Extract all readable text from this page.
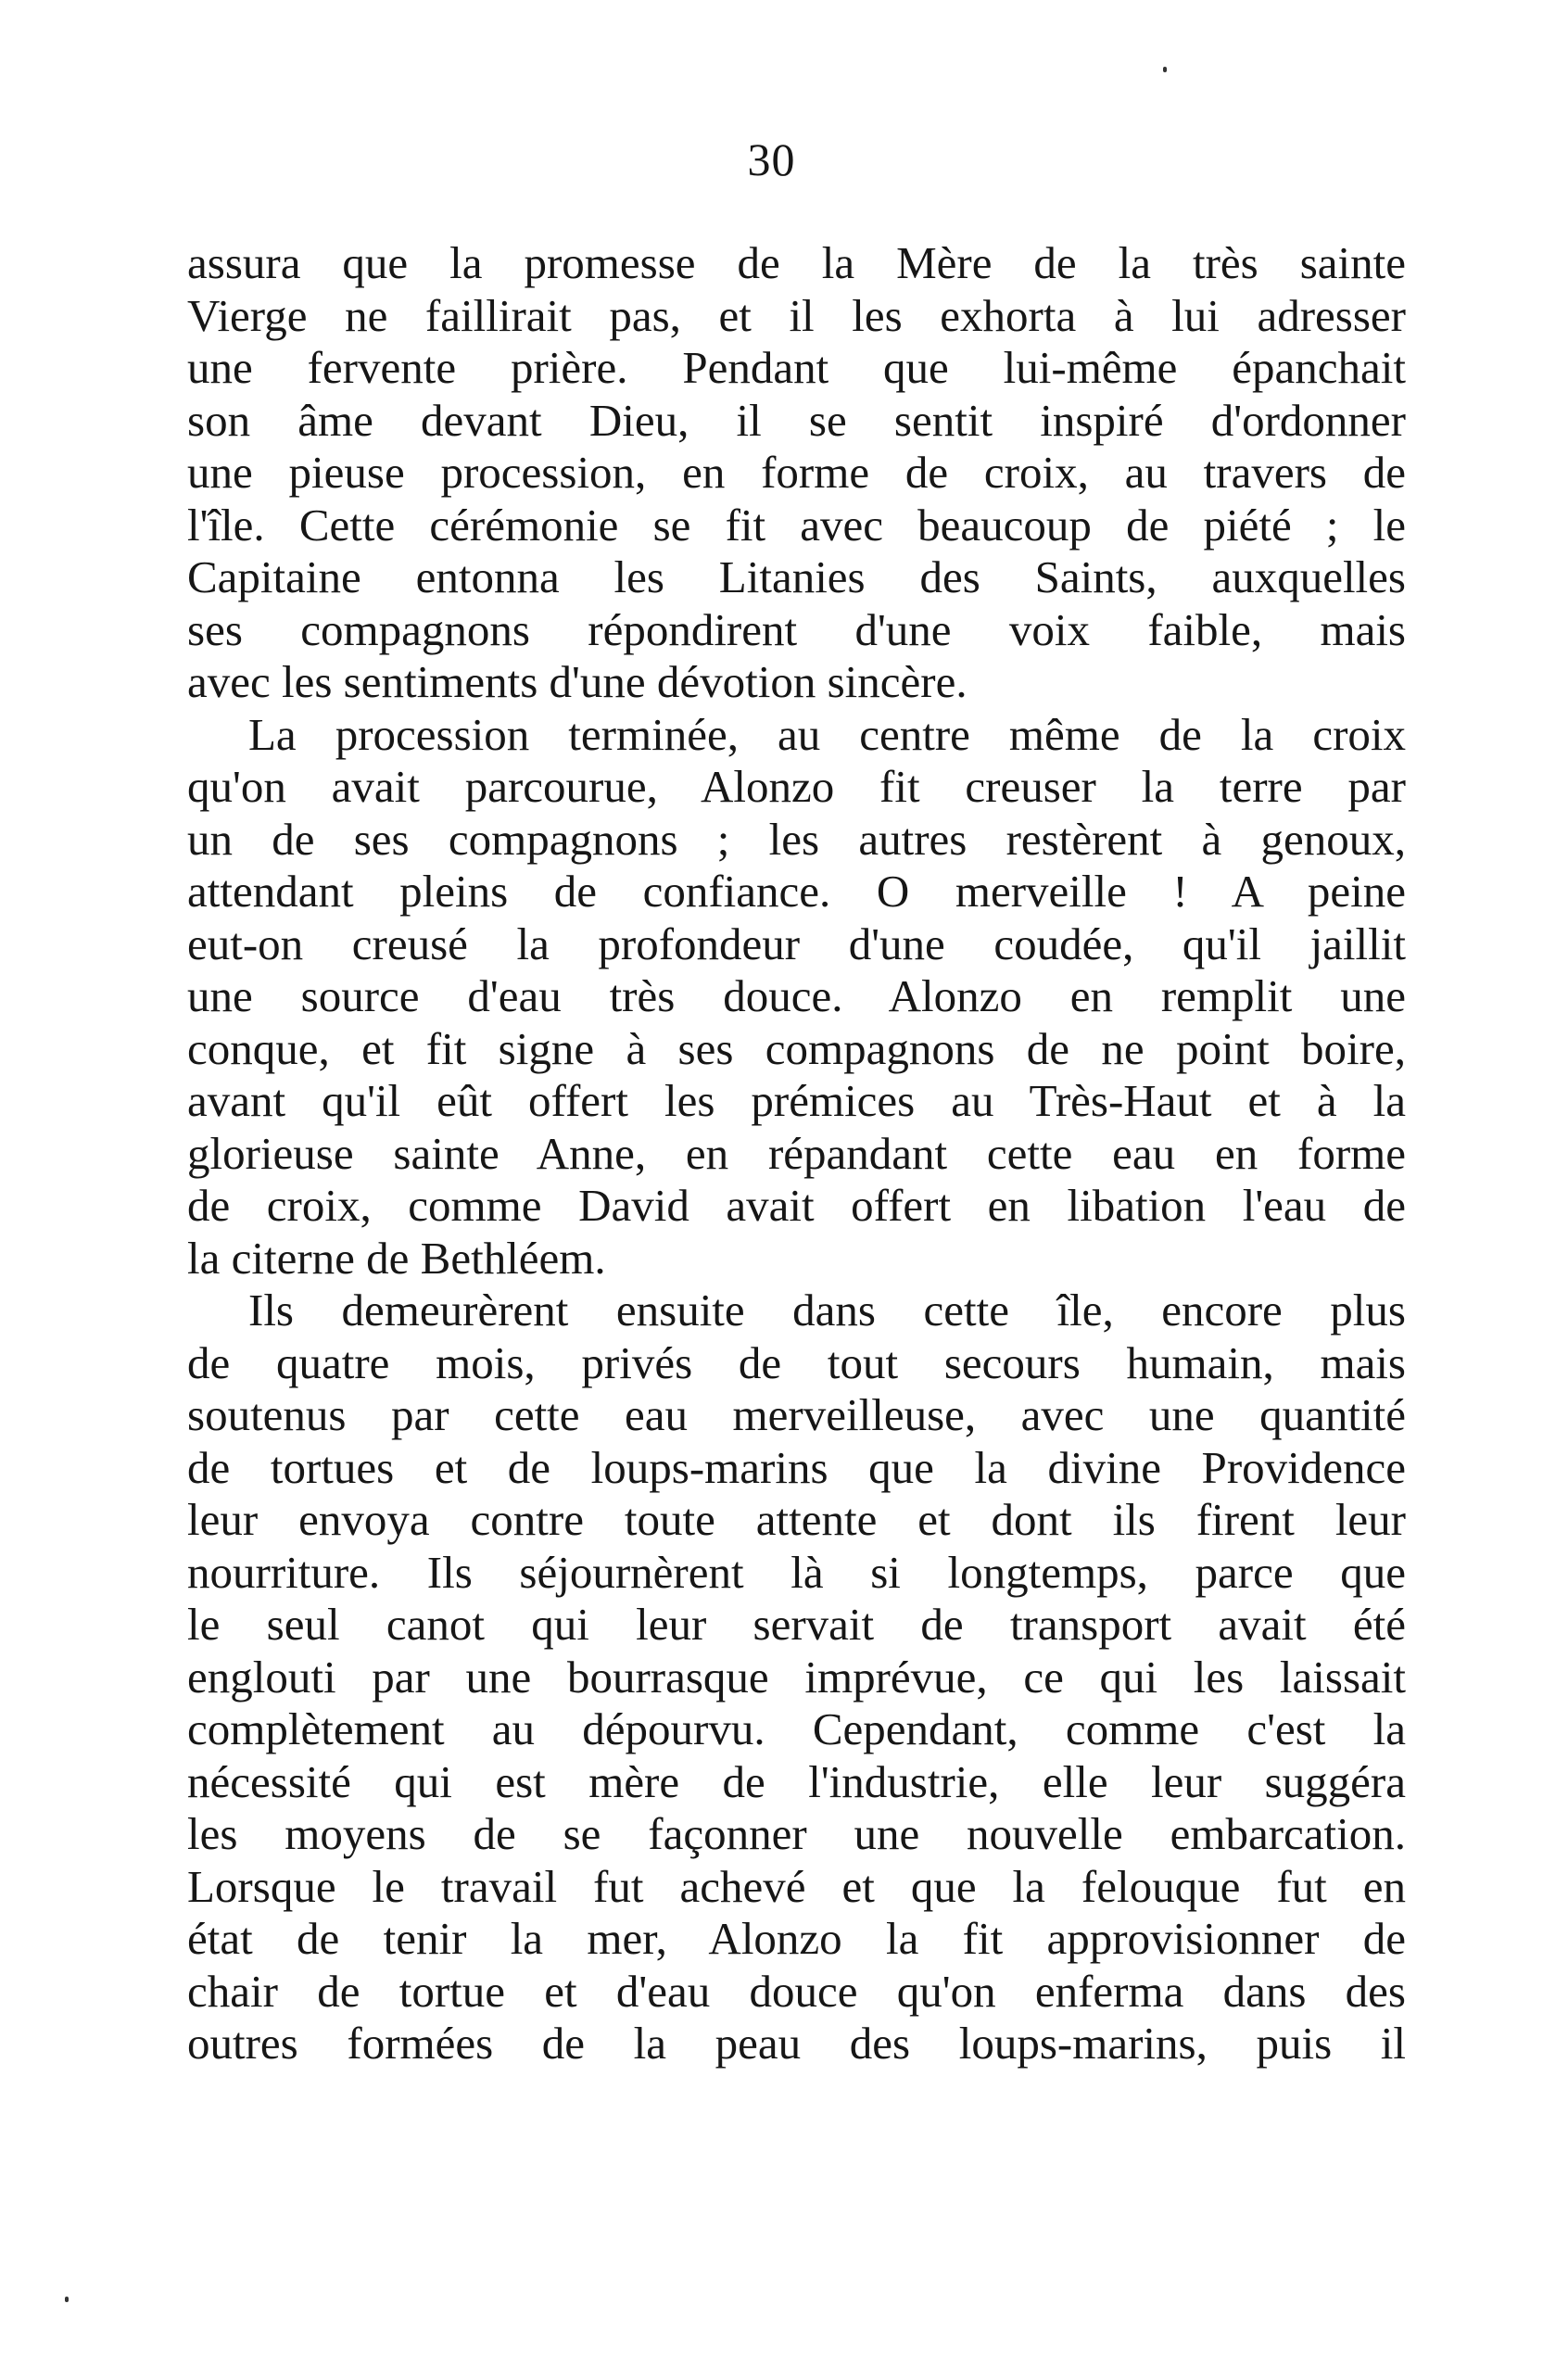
30
assura que la promesse de la Mère de la très sainte
Vierge ne faillirait pas, et il les exhorta à lui adresser
une fervente prière. Pendant que lui-même épanchait
son âme devant Dieu, il se sentit inspiré d'ordonner
une pieuse procession, en forme de croix, au travers de
l'île. Cette cérémonie se fit avec beaucoup de piété ; le
Capitaine entonna les Litanies des Saints, auxquelles
ses compagnons répondirent d'une voix faible, mais
avec les sentiments d'une dévotion sincère.
La procession terminée, au centre même de la croix
qu'on avait parcourue, Alonzo fit creuser la terre par
un de ses compagnons ; les autres restèrent à genoux,
attendant pleins de confiance. O merveille ! A peine
eut-on creusé la profondeur d'une coudée, qu'il jaillit
une source d'eau très douce. Alonzo en remplit une
conque, et fit signe à ses compagnons de ne point boire,
avant qu'il eût offert les prémices au Très-Haut et à la
glorieuse sainte Anne, en répandant cette eau en forme
de croix, comme David avait offert en libation l'eau de
la citerne de Bethléem.
Ils demeurèrent ensuite dans cette île, encore plus
de quatre mois, privés de tout secours humain, mais
soutenus par cette eau merveilleuse, avec une quantité
de tortues et de loups-marins que la divine Providence
leur envoya contre toute attente et dont ils firent leur
nourriture. Ils séjournèrent là si longtemps, parce que
le seul canot qui leur servait de transport avait été
englouti par une bourrasque imprévue, ce qui les laissait
complètement au dépourvu. Cependant, comme c'est la
nécessité qui est mère de l'industrie, elle leur suggéra
les moyens de se façonner une nouvelle embarcation.
Lorsque le travail fut achevé et que la felouque fut en
état de tenir la mer, Alonzo la fit approvisionner de
chair de tortue et d'eau douce qu'on enferma dans des
outres formées de la peau des loups-marins, puis il
